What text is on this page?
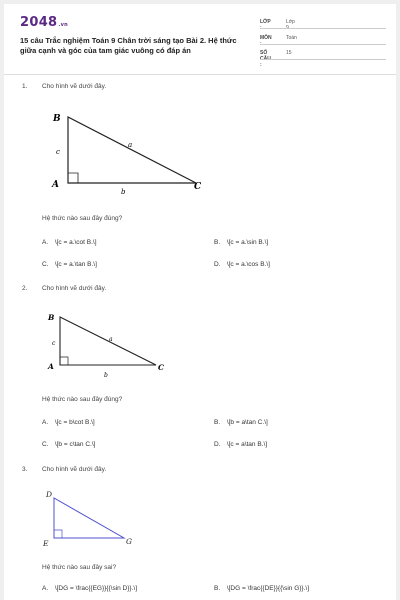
2048.vn
15 câu Trắc nghiệm Toán 9 Chân trời sáng tạo Bài 2. Hệ thức giữa cạnh và góc của tam giác vuông có đáp án
LỚP :
Lớp 9
MÔN :
Toán
SỐ CÂU :
15
1. Cho hình vẽ dưới đây.
B
A	C
c
a
b
Hệ thức nào sau đây đúng?
A. \[c = a.\cot B.\]	B. \[c = a.\sin B.\]
C. \[c = a.\tan B.\]	D. \[c = a.\cos B.\]
2. Cho hình vẽ dưới đây.
B
A	C
c
a
b
Hệ thức nào sau đây đúng?
A. \[c = b\cot B.\]	B. \[b = a\tan C.\]
C. \[b = c\tan C.\]	D. \[c = a\tan B.\]
3. Cho hình vẽ dưới đây.
D
E	G
Hệ thức nào sau đây sai?
A. \[DG = \frac{{EG}}{{\sin D}}.\]	B. \[DG = \frac{{DE}}{{\sin G}}.\]
